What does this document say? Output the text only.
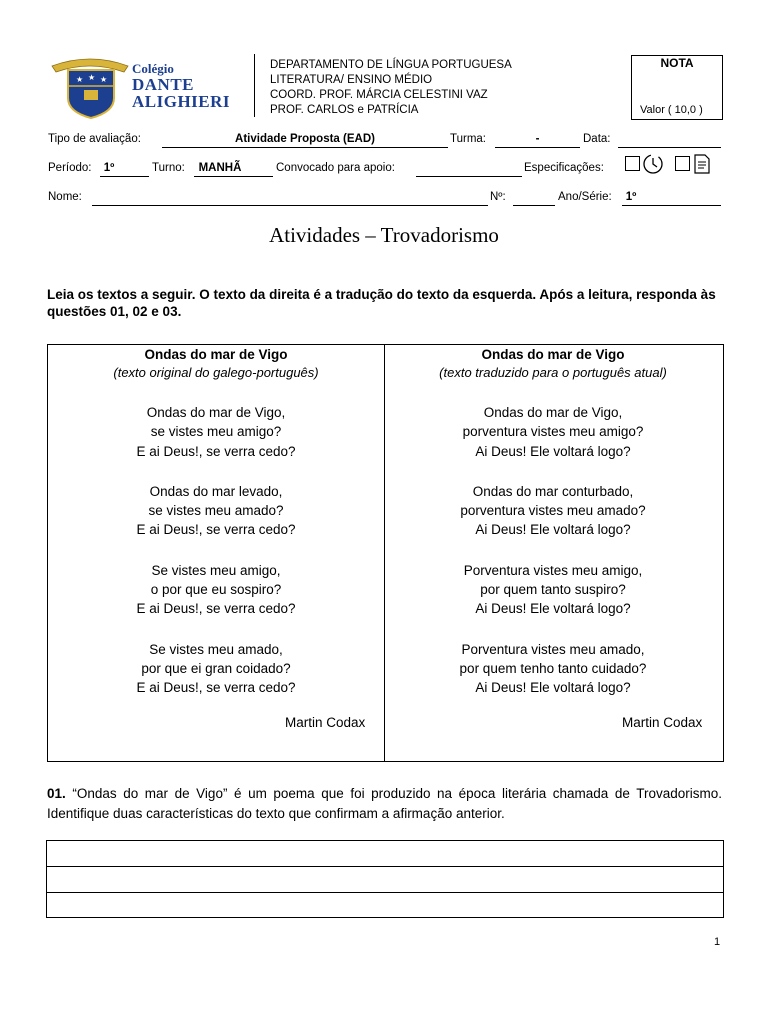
★ ★ ★
Colégio
DANTE
ALIGHIERI
DEPARTAMENTO DE LÍNGUA PORTUGUESA
LITERATURA/ ENSINO MÉDIO
COORD. PROF. MÁRCIA CELESTINI VAZ
PROF. CARLOS e PATRÍCIA
NOTA
Valor ( 10,0 )
Tipo de avaliação:	Atividade Proposta (EAD)	Turma:	-	Data:
Período:	1º	Turno:	MANHÃ	Convocado para apoio:	Especificações:
Nome:	Nº:	Ano/Série:	1º
Atividades – Trovadorismo
Leia os textos a seguir. O texto da direita é a tradução do texto da esquerda. Após a leitura, responda às questões 01, 02 e 03.
Ondas do mar de Vigo
(texto original do galego-português)
Ondas do mar de Vigo,
se vistes meu amigo?
E ai Deus!, se verra cedo?
Ondas do mar levado,
se vistes meu amado?
E ai Deus!, se verra cedo?
Se vistes meu amigo,
o por que eu sospiro?
E ai Deus!, se verra cedo?
Se vistes meu amado,
por que ei gran coidado?
E ai Deus!, se verra cedo?
Martin Codax
Ondas do mar de Vigo
(texto traduzido para o português atual)
Ondas do mar de Vigo,
porventura vistes meu amigo?
Ai Deus! Ele voltará logo?
Ondas do mar conturbado,
porventura vistes meu amado?
Ai Deus! Ele voltará logo?
Porventura vistes meu amigo,
por quem tanto suspiro?
Ai Deus! Ele voltará logo?
Porventura vistes meu amado,
por quem tenho tanto cuidado?
Ai Deus! Ele voltará logo?
Martin Codax
01. “Ondas do mar de Vigo” é um poema que foi produzido na época literária chamada de Trovadorismo. Identifique duas características do texto que confirmam a afirmação anterior.
1
